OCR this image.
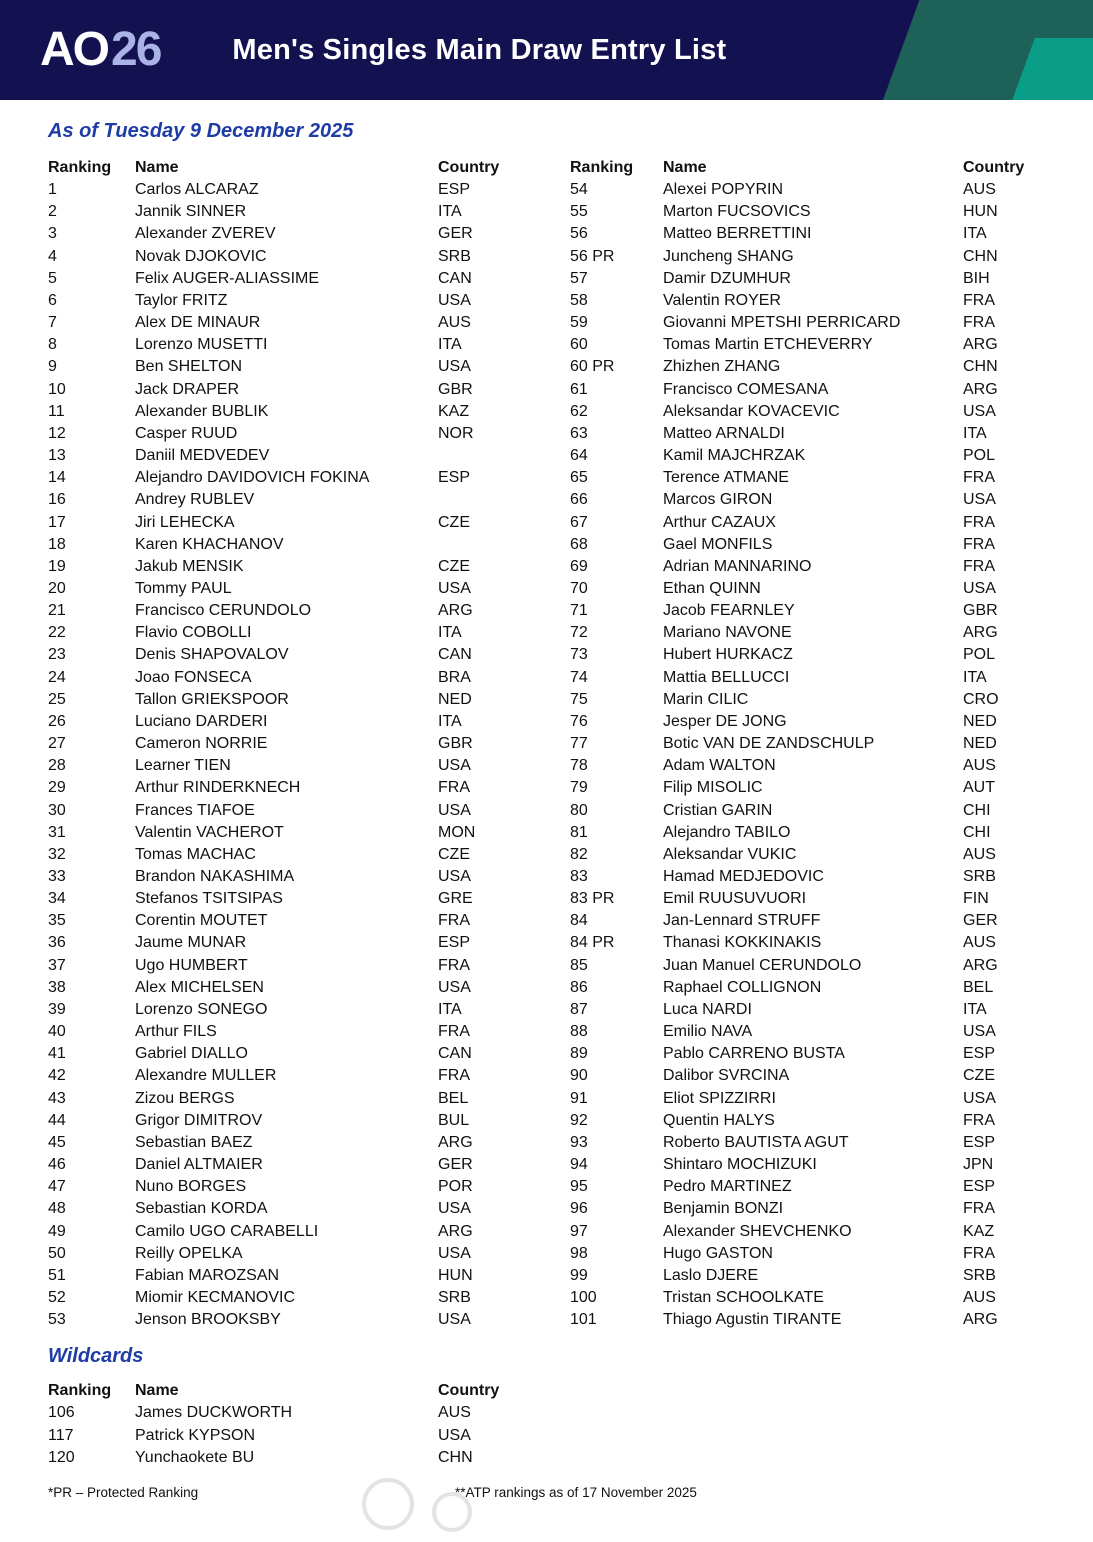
AO 26 Men's Singles Main Draw Entry List

As of Tuesday 9 December 2025

Ranking	Name	Country
1	Carlos ALCARAZ	ESP
2	Jannik SINNER	ITA
3	Alexander ZVEREV	GER
4	Novak DJOKOVIC	SRB
5	Felix AUGER-ALIASSIME	CAN
6	Taylor FRITZ	USA
7	Alex DE MINAUR	AUS
8	Lorenzo MUSETTI	ITA
9	Ben SHELTON	USA
10	Jack DRAPER	GBR
11	Alexander BUBLIK	KAZ
12	Casper RUUD	NOR
13	Daniil MEDVEDEV
14	Alejandro DAVIDOVICH FOKINA	ESP
16	Andrey RUBLEV
17	Jiri LEHECKA	CZE
18	Karen KHACHANOV
19	Jakub MENSIK	CZE
20	Tommy PAUL	USA
21	Francisco CERUNDOLO	ARG
22	Flavio COBOLLI	ITA
23	Denis SHAPOVALOV	CAN
24	Joao FONSECA	BRA
25	Tallon GRIEKSPOOR	NED
26	Luciano DARDERI	ITA
27	Cameron NORRIE	GBR
28	Learner TIEN	USA
29	Arthur RINDERKNECH	FRA
30	Frances TIAFOE	USA
31	Valentin VACHEROT	MON
32	Tomas MACHAC	CZE
33	Brandon NAKASHIMA	USA
34	Stefanos TSITSIPAS	GRE
35	Corentin MOUTET	FRA
36	Jaume MUNAR	ESP
37	Ugo HUMBERT	FRA
38	Alex MICHELSEN	USA
39	Lorenzo SONEGO	ITA
40	Arthur FILS	FRA
41	Gabriel DIALLO	CAN
42	Alexandre MULLER	FRA
43	Zizou BERGS	BEL
44	Grigor DIMITROV	BUL
45	Sebastian BAEZ	ARG
46	Daniel ALTMAIER	GER
47	Nuno BORGES	POR
48	Sebastian KORDA	USA
49	Camilo UGO CARABELLI	ARG
50	Reilly OPELKA	USA
51	Fabian MAROZSAN	HUN
52	Miomir KECMANOVIC	SRB
53	Jenson BROOKSBY	USA
Ranking	Name	Country
54	Alexei POPYRIN	AUS
55	Marton FUCSOVICS	HUN
56	Matteo BERRETTINI	ITA
56 PR	Juncheng SHANG	CHN
57	Damir DZUMHUR	BIH
58	Valentin ROYER	FRA
59	Giovanni MPETSHI PERRICARD	FRA
60	Tomas Martin ETCHEVERRY	ARG
60 PR	Zhizhen ZHANG	CHN
61	Francisco COMESANA	ARG
62	Aleksandar KOVACEVIC	USA
63	Matteo ARNALDI	ITA
64	Kamil MAJCHRZAK	POL
65	Terence ATMANE	FRA
66	Marcos GIRON	USA
67	Arthur CAZAUX	FRA
68	Gael MONFILS	FRA
69	Adrian MANNARINO	FRA
70	Ethan QUINN	USA
71	Jacob FEARNLEY	GBR
72	Mariano NAVONE	ARG
73	Hubert HURKACZ	POL
74	Mattia BELLUCCI	ITA
75	Marin CILIC	CRO
76	Jesper DE JONG	NED
77	Botic VAN DE ZANDSCHULP	NED
78	Adam WALTON	AUS
79	Filip MISOLIC	AUT
80	Cristian GARIN	CHI
81	Alejandro TABILO	CHI
82	Aleksandar VUKIC	AUS
83	Hamad MEDJEDOVIC	SRB
83 PR	Emil RUUSUVUORI	FIN
84	Jan-Lennard STRUFF	GER
84 PR	Thanasi KOKKINAKIS	AUS
85	Juan Manuel CERUNDOLO	ARG
86	Raphael COLLIGNON	BEL
87	Luca NARDI	ITA
88	Emilio NAVA	USA
89	Pablo CARRENO BUSTA	ESP
90	Dalibor SVRCINA	CZE
91	Eliot SPIZZIRRI	USA
92	Quentin HALYS	FRA
93	Roberto BAUTISTA AGUT	ESP
94	Shintaro MOCHIZUKI	JPN
95	Pedro MARTINEZ	ESP
96	Benjamin BONZI	FRA
97	Alexander SHEVCHENKO	KAZ
98	Hugo GASTON	FRA
99	Laslo DJERE	SRB
100	Tristan SCHOOLKATE	AUS
101	Thiago Agustin TIRANTE	ARG
Wildcards
Ranking	Name	Country
106	James DUCKWORTH	AUS
117	Patrick KYPSON	USA
120	Yunchaokete BU	CHN
*PR – Protected Ranking	**ATP rankings as of 17 November 2025
